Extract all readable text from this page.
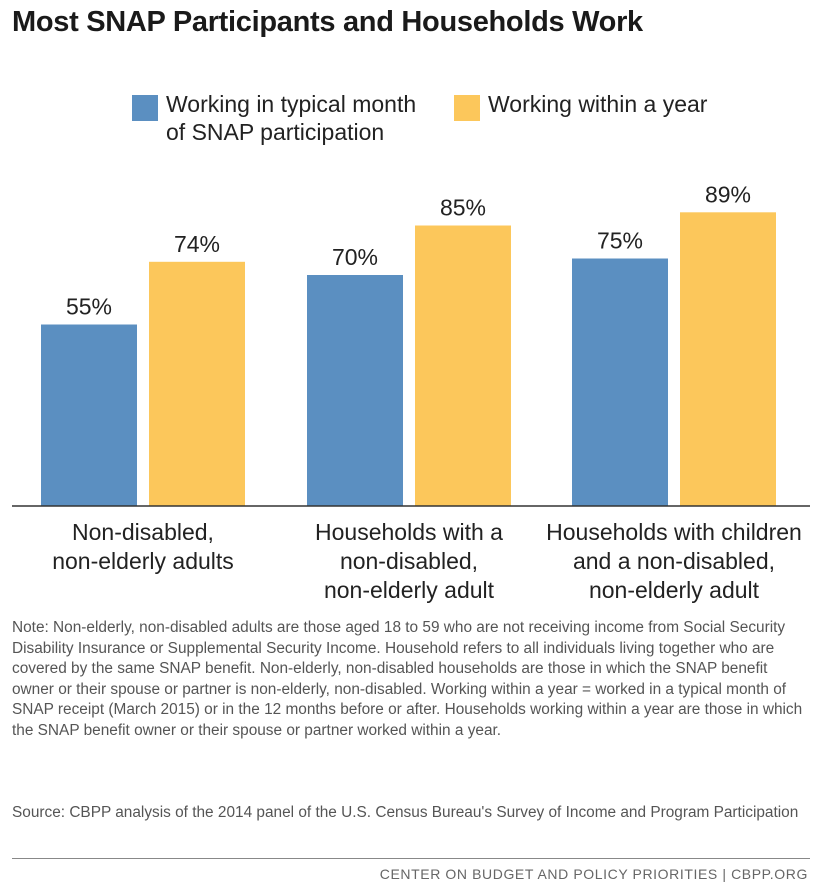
Most SNAP Participants and Households Work
Working in typical month
of SNAP participation
Working within a year
55%
74%
70%
85%
75%
89%
Non-disabled,
non-elderly adults
Households with a
non-disabled,
non-elderly adult
Households with children
and a non-disabled,
non-elderly adult

Note: Non-elderly, non-disabled adults are those aged 18 to 59 who are not receiving income from Social Security Disability Insurance or Supplemental Security Income. Household refers to all individuals living together who are covered by the same SNAP benefit. Non-elderly, non-disabled households are those in which the SNAP benefit owner or their spouse or partner is non-elderly, non-disabled. Working within a year = worked in a typical month of SNAP receipt (March 2015) or in the 12 months before or after. Households working within a year are those in which the SNAP benefit owner or their spouse or partner worked within a year.

Source: CBPP analysis of the 2014 panel of the U.S. Census Bureau's Survey of Income and Program Participation

CENTER ON BUDGET AND POLICY PRIORITIES | CBPP.ORG
